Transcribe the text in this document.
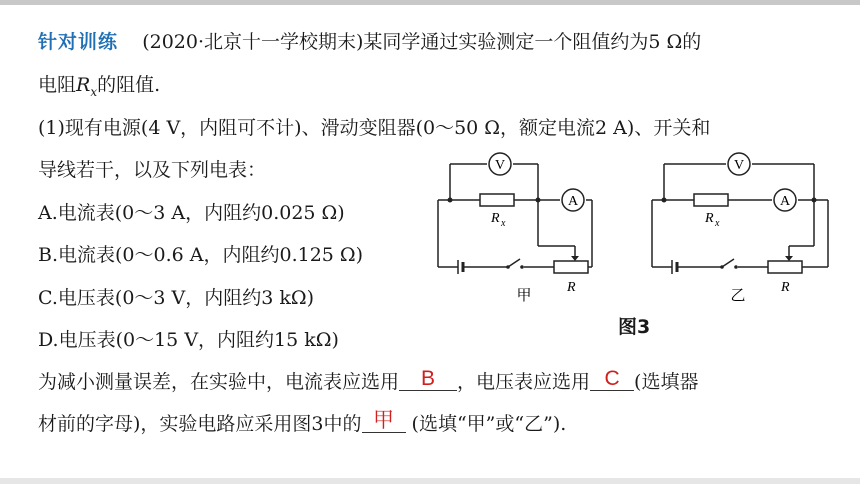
针对训练 (2020·北京十一学校期末)某同学通过实验测定一个阻值约为5 Ω的
电阻$R_x$的阻值.
(1)现有电源(4 V，内阻可不计)、滑动变阻器(0～50 Ω，额定电流2 A)、开关和
导线若干，以及下列电表：
A.电流表(0～3 A，内阻约0.025 Ω)
B.电流表(0～0.6 A，内阻约0.125 Ω)
C.电压表(0～3 V，内阻约3 kΩ)
D.电压表(0～15 V，内阻约15 kΩ)
为减小测量误差，在实验中，电流表应选用 B ，电压表应选用 C (选填器
材前的字母)，实验电路应采用图3中的 甲 (选填“甲”或“乙”).
V
A
R x
R
甲
V
A
R x
R
乙
图3
